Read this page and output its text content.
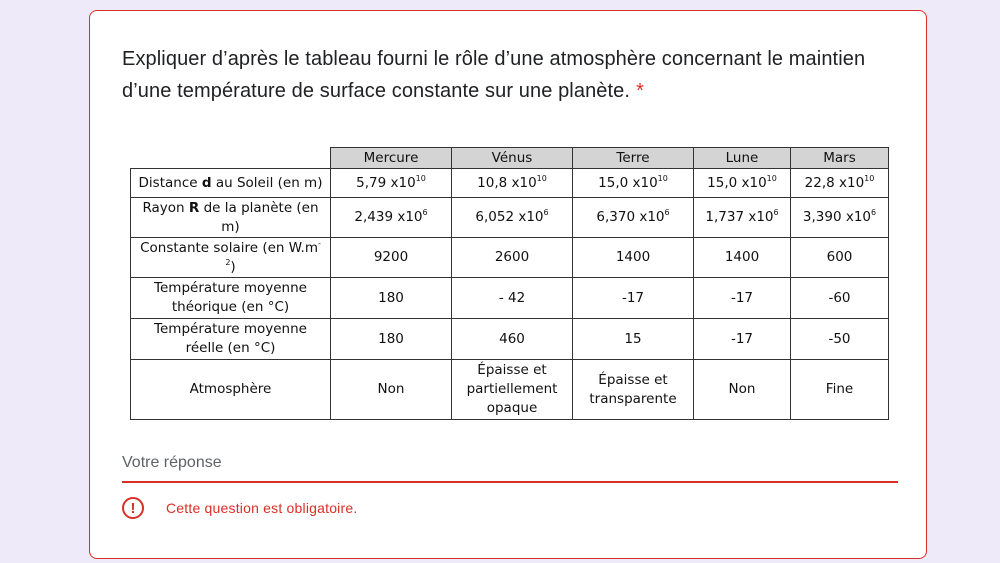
Expliquer d’après le tableau fourni le rôle d’une atmosphère concernant le maintien d’une température de surface constante sur une planète. *
	Mercure	Vénus	Terre	Lune	Mars
Distance d au Soleil (en m)	5,79 $x10^{10}$	10,8 $x10^{10}$	15,0 $x10^{10}$	15,0 $x10^{10}$	22,8 $x10^{10}$
Rayon R de la planète (en m)	2,439 $x10^6$	6,052 $x10^6$	6,370 $x10^6$	1,737 $x10^6$	3,390 $x10^6$
Constante solaire (en $W.m^{-2}$)	9200	2600	1400	1400	600
Température moyenne théorique (en °C)	180	- 42	-17	-17	-60
Température moyenne réelle (en °C)	180	460	15	-17	-50
Atmosphère	Non	Épaisse et partiellement opaque	Épaisse et transparente	Non	Fine
Votre réponse
!	Cette question est obligatoire.
